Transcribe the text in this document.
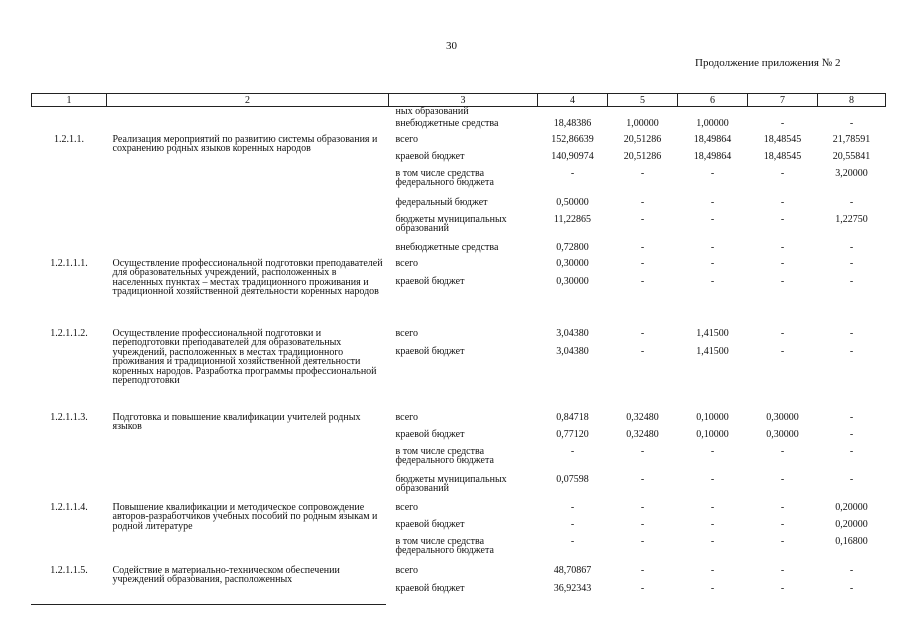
30
Продолжение приложения № 2
1	2	3	4	5	6	7	8
		ных образований					
		внебюджетные средства	18,48386	1,00000	1,00000	-	-
1.2.1.1.	Реализация мероприятий по развитию системы образования и сохранению родных языков коренных народов	всего	152,86639	20,51286	18,49864	18,48545	21,78591
		краевой бюджет	140,90974	20,51286	18,49864	18,48545	20,55841
		в том числе средства федерального бюджета	-	-	-	-	3,20000
		федеральный бюджет	0,50000	-	-	-	-
		бюджеты муниципальных образований	11,22865	-	-	-	1,22750
		внебюджетные средства	0,72800	-	-	-	-
1.2.1.1.1.	Осуществление профессиональной подготовки преподавателей для образовательных учреждений, расположенных в населенных пунктах – местах традиционного проживания и традиционной хозяйственной деятельности коренных народов	всего	0,30000	-	-	-	-
		краевой бюджет	0,30000	-	-	-	-
1.2.1.1.2.	Осуществление профессиональной подготовки и переподготовки преподавателей для образовательных учреждений, расположенных в местах традиционного проживания и традиционной хозяйственной деятельности коренных народов. Разработка программы профессиональной переподготовки	всего	3,04380	-	1,41500	-	-
		краевой бюджет	3,04380	-	1,41500	-	-
1.2.1.1.3.	Подготовка и повышение квалификации учителей родных языков	всего	0,84718	0,32480	0,10000	0,30000	-
		краевой бюджет	0,77120	0,32480	0,10000	0,30000	-
		в том числе средства федерального бюджета	-	-	-	-	-
		бюджеты муниципальных образований	0,07598	-	-	-	-
1.2.1.1.4.	Повышение квалификации и методическое сопровождение авторов-разработчиков учебных пособий по родным языкам и родной литературе	всего	-	-	-	-	0,20000
		краевой бюджет	-	-	-	-	0,20000
		в том числе средства федерального бюджета	-	-	-	-	0,16800
1.2.1.1.5.	Содействие в материально-техническом обеспечении учреждений образования, расположенных	всего	48,70867	-	-	-	-
		краевой бюджет	36,92343	-	-	-	-
